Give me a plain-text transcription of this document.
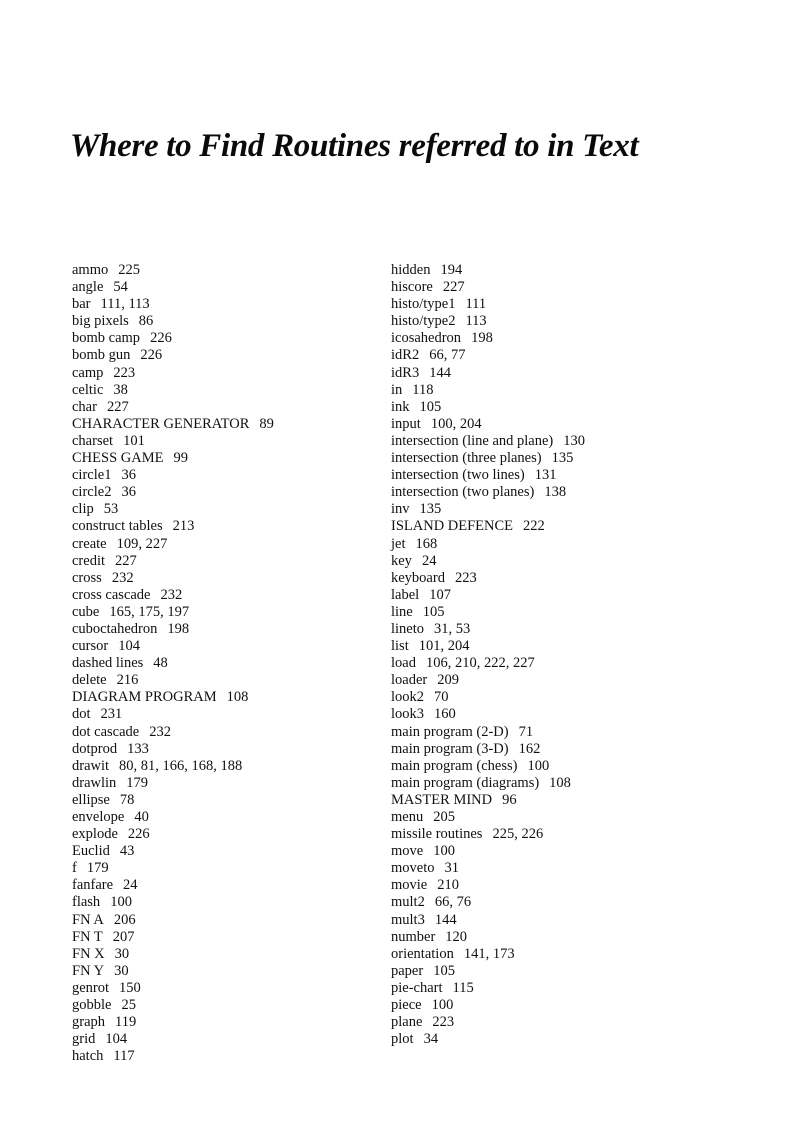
Where to Find Routines referred to in Text
ammo 225
angle 54
bar 111, 113
big pixels 86
bomb camp 226
bomb gun 226
camp 223
celtic 38
char 227
CHARACTER GENERATOR 89
charset 101
CHESS GAME 99
circle1 36
circle2 36
clip 53
construct tables 213
create 109, 227
credit 227
cross 232
cross cascade 232
cube 165, 175, 197
cuboctahedron 198
cursor 104
dashed lines 48
delete 216
DIAGRAM PROGRAM 108
dot 231
dot cascade 232
dotprod 133
drawit 80, 81, 166, 168, 188
drawlin 179
ellipse 78
envelope 40
explode 226
Euclid 43
f 179
fanfare 24
flash 100
FN A 206
FN T 207
FN X 30
FN Y 30
genrot 150
gobble 25
graph 119
grid 104
hatch 117
hidden 194
hiscore 227
histo/type1 111
histo/type2 113
icosahedron 198
idR2 66, 77
idR3 144
in 118
ink 105
input 100, 204
intersection (line and plane) 130
intersection (three planes) 135
intersection (two lines) 131
intersection (two planes) 138
inv 135
ISLAND DEFENCE 222
jet 168
key 24
keyboard 223
label 107
line 105
lineto 31, 53
list 101, 204
load 106, 210, 222, 227
loader 209
look2 70
look3 160
main program (2-D) 71
main program (3-D) 162
main program (chess) 100
main program (diagrams) 108
MASTER MIND 96
menu 205
missile routines 225, 226
move 100
moveto 31
movie 210
mult2 66, 76
mult3 144
number 120
orientation 141, 173
paper 105
pie-chart 115
piece 100
plane 223
plot 34
